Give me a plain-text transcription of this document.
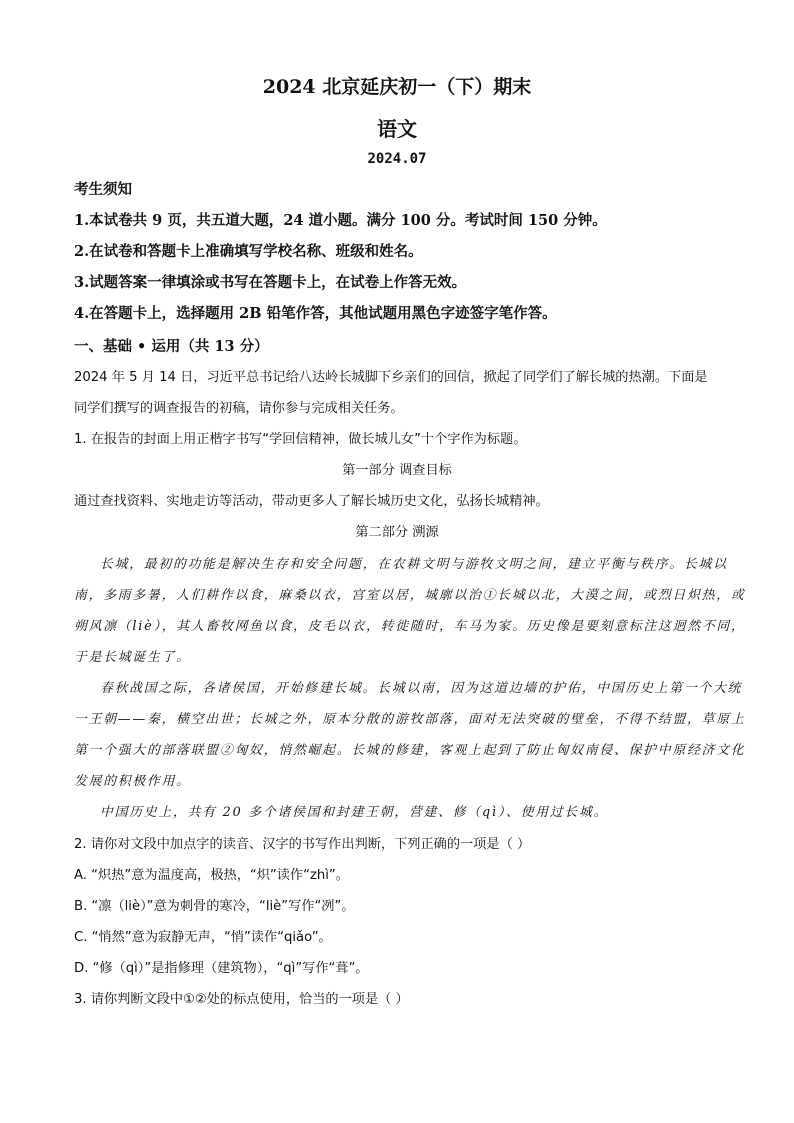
2024 北京延庆初一（下）期末
语文
2024.07
考生须知
1.本试卷共 9 页，共五道大题，24 道小题。满分 100 分。考试时间 150 分钟。
2.在试卷和答题卡上准确填写学校名称、班级和姓名。
3.试题答案一律填涂或书写在答题卡上，在试卷上作答无效。
4.在答题卡上，选择题用 2B 铅笔作答，其他试题用黑色字迹签字笔作答。
一、基础 • 运用（共 13 分）
2024 年 5 月 14 日，习近平总书记给八达岭长城脚下乡亲们的回信，掀起了同学们了解长城的热潮。下面是
同学们撰写的调查报告的初稿，请你参与完成相关任务。
1. 在报告的封面上用正楷字书写“学回信精神，做长城儿女”十个字作为标题。
第一部分 调查目标
通过查找资料、实地走访等活动，带动更多人了解长城历史文化，弘扬长城精神。
第二部分 溯源
长城，最初的功能是解决生存和安全问题，在农耕文明与游牧文明之间，建立平衡与秩序。长城以
南，多雨多暑，人们耕作以食，麻桑以衣，宫室以居，城廓以治①长城以北，大漠之间，或烈日炽热，或
朔风凛（liè），其人畜牧网鱼以食，皮毛以衣，转徙随时，车马为家。历史像是要刻意标注这迥然不同，
于是长城诞生了。
春秋战国之际，各诸侯国，开始修建长城。长城以南，因为这道边墙的护佑，中国历史上第一个大统
一王朝——秦，横空出世；长城之外，原本分散的游牧部落，面对无法突破的壁垒，不得不结盟，草原上
第一个强大的部落联盟②匈奴，悄然崛起。长城的修建，客观上起到了防止匈奴南侵、保护中原经济文化
发展的积极作用。
中国历史上，共有 20 多个诸侯国和封建王朝，营建、修（qì）、使用过长城。
2. 请你对文段中加点字的读音、汉字的书写作出判断，下列正确的一项是（ ）
A. “炽热”意为温度高，极热，“炽”读作“zhì”。
B. “凛（liè）”意为刺骨的寒冷，“liè”写作“冽”。
C. “悄然”意为寂静无声，“悄”读作“qiǎo”。
D. “修（qì）”是指修理（建筑物），“qì”写作“葺”。
3. 请你判断文段中①②处的标点使用，恰当的一项是（ ）
